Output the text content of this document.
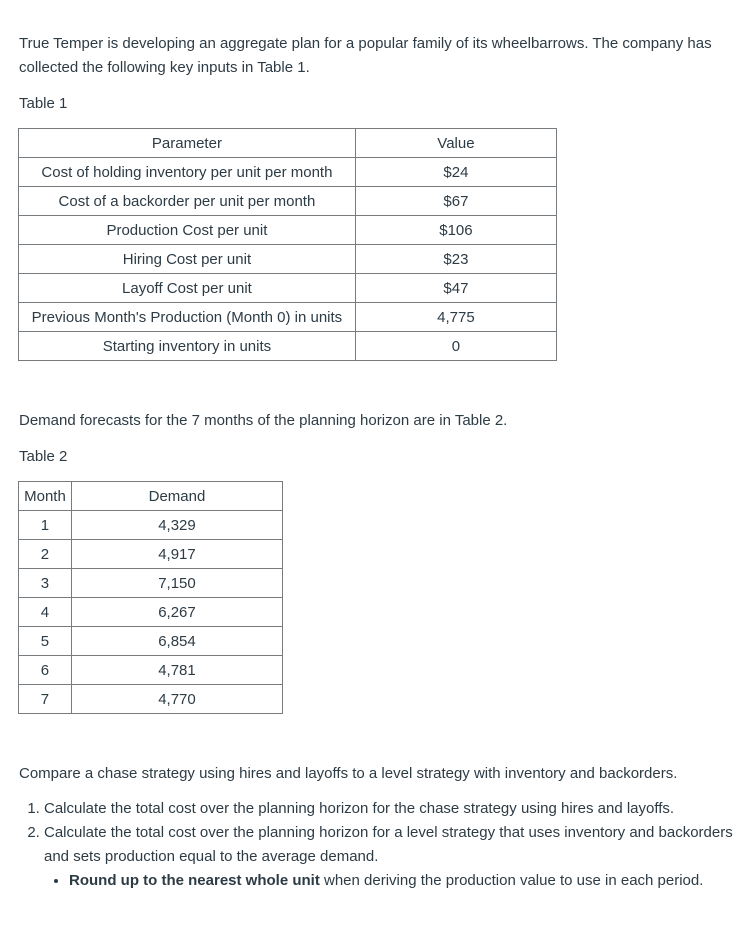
True Temper is developing an aggregate plan for a popular family of its wheelbarrows. The company has collected the following key inputs in Table 1.

Table 1

Parameter	Value
Cost of holding inventory per unit per month	$24
Cost of a backorder per unit per month	$67
Production Cost per unit	$106
Hiring Cost per unit	$23
Layoff Cost per unit	$47
Previous Month's Production (Month 0) in units	4,775
Starting inventory in units	0

Demand forecasts for the 7 months of the planning horizon are in Table 2.

Table 2

Month	Demand
1	4,329
2	4,917
3	7,150
4	6,267
5	6,854
6	4,781
7	4,770

Compare a chase strategy using hires and layoffs to a level strategy with inventory and backorders.

1. Calculate the total cost over the planning horizon for the chase strategy using hires and layoffs.
2. Calculate the total cost over the planning horizon for a level strategy that uses inventory and backorders and sets production equal to the average demand.
• Round up to the nearest whole unit when deriving the production value to use in each period.
